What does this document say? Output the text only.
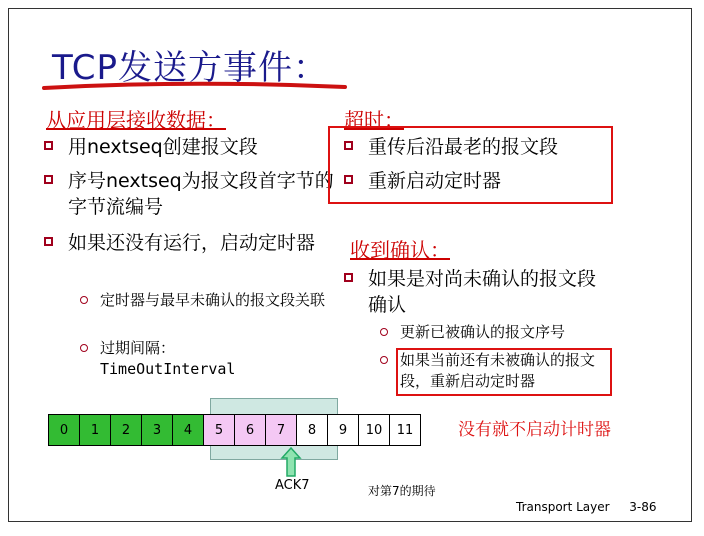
TCP发送方事件：
从应用层接收数据：
用nextseq创建报文段
序号nextseq为报文段首字节的字节流编号
如果还没有运行，启动定时器
定时器与最早未确认的报文段关联
过期间隔：
TimeOutInterval
超时：
重传后沿最老的报文段
重新启动定时器
收到确认：
如果是对尚未确认的报文段确认
更新已被确认的报文序号
如果当前还有未被确认的报文段，重新启动定时器
0	1	2	3	4	5	6	7	8	9	10	11	没有就不启动计时器
ACK7	对第7的期待
Transport Layer 3-86
